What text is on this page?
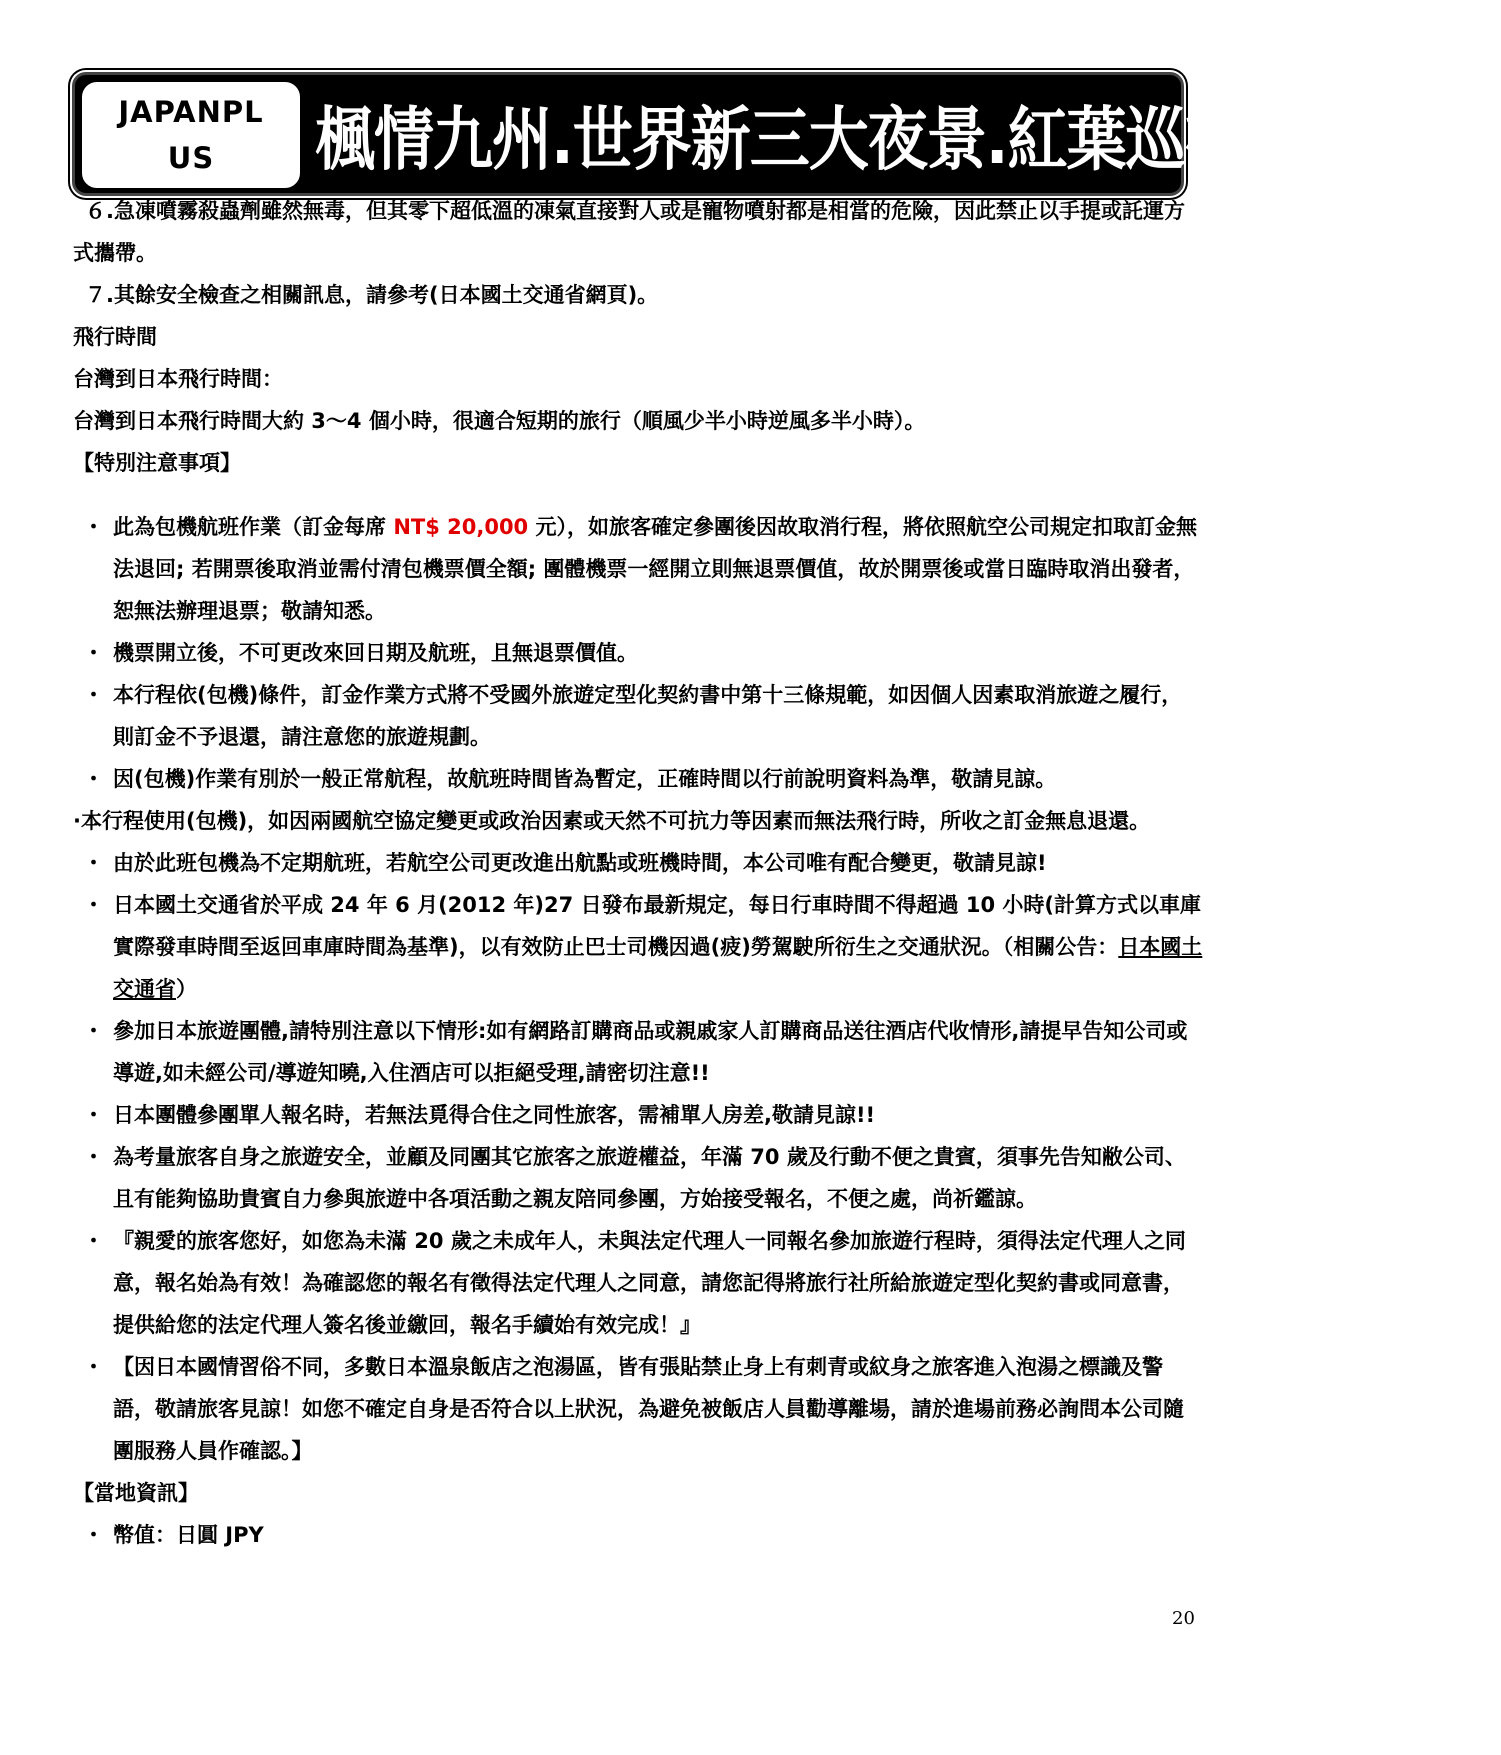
JAPANPLUS	楓情九州.世界新三大夜景.紅葉巡禮.溫泉五日

６.急凍噴霧殺蟲劑雖然無毒，但其零下超低溫的凍氣直接對人或是寵物噴射都是相當的危險，因此禁止以手提或託運方式攜帶。

７.其餘安全檢查之相關訊息，請參考(日本國土交通省網頁)。

飛行時間

台灣到日本飛行時間：

台灣到日本飛行時間大約 3～4 個小時，很適合短期的旅行（順風少半小時逆風多半小時）。

【特別注意事項】

・ 此為包機航班作業（訂金每席 NT$ 20,000 元），如旅客確定參團後因故取消行程，將依照航空公司規定扣取訂金無法退回; 若開票後取消並需付清包機票價全額; 團體機票一經開立則無退票價值，故於開票後或當日臨時取消出發者，恕無法辦理退票；敬請知悉。
・ 機票開立後，不可更改來回日期及航班，且無退票價值。
・ 本行程依(包機)條件，訂金作業方式將不受國外旅遊定型化契約書中第十三條規範，如因個人因素取消旅遊之履行，則訂金不予退還，請注意您的旅遊規劃。
・ 因(包機)作業有別於一般正常航程，故航班時間皆為暫定，正確時間以行前說明資料為準，敬請見諒。

·本行程使用(包機)，如因兩國航空協定變更或政治因素或天然不可抗力等因素而無法飛行時，所收之訂金無息退還。

・ 由於此班包機為不定期航班，若航空公司更改進出航點或班機時間，本公司唯有配合變更，敬請見諒!
・ 日本國土交通省於平成 24 年 6 月(2012 年)27 日發布最新規定，每日行車時間不得超過 10 小時(計算方式以車庫實際發車時間至返回車庫時間為基準)，以有效防止巴士司機因過(疲)勞駕駛所衍生之交通狀況。（相關公告：日本國土交通省）
・ 參加日本旅遊團體,請特別注意以下情形:如有網路訂購商品或親戚家人訂購商品送往酒店代收情形,請提早告知公司或導遊,如未經公司/導遊知曉,入住酒店可以拒絕受理,請密切注意!!
・ 日本團體參團單人報名時，若無法覓得合住之同性旅客，需補單人房差,敬請見諒!!
・ 為考量旅客自身之旅遊安全，並顧及同團其它旅客之旅遊權益，年滿 70 歲及行動不便之貴賓，須事先告知敝公司、且有能夠協助貴賓自力參與旅遊中各項活動之親友陪同參團，方始接受報名，不便之處，尚祈鑑諒。
・ 『親愛的旅客您好，如您為未滿 20 歲之未成年人，未與法定代理人一同報名參加旅遊行程時，須得法定代理人之同意，報名始為有效！為確認您的報名有徵得法定代理人之同意，請您記得將旅行社所給旅遊定型化契約書或同意書，提供給您的法定代理人簽名後並繳回，報名手續始有效完成！』
・ 【因日本國情習俗不同，多數日本溫泉飯店之泡湯區，皆有張貼禁止身上有刺青或紋身之旅客進入泡湯之標識及警語，敬請旅客見諒！如您不確定自身是否符合以上狀況，為避免被飯店人員勸導離場，請於進場前務必詢問本公司隨團服務人員作確認。】

【當地資訊】

・ 幣值：日圓 JPY
20
